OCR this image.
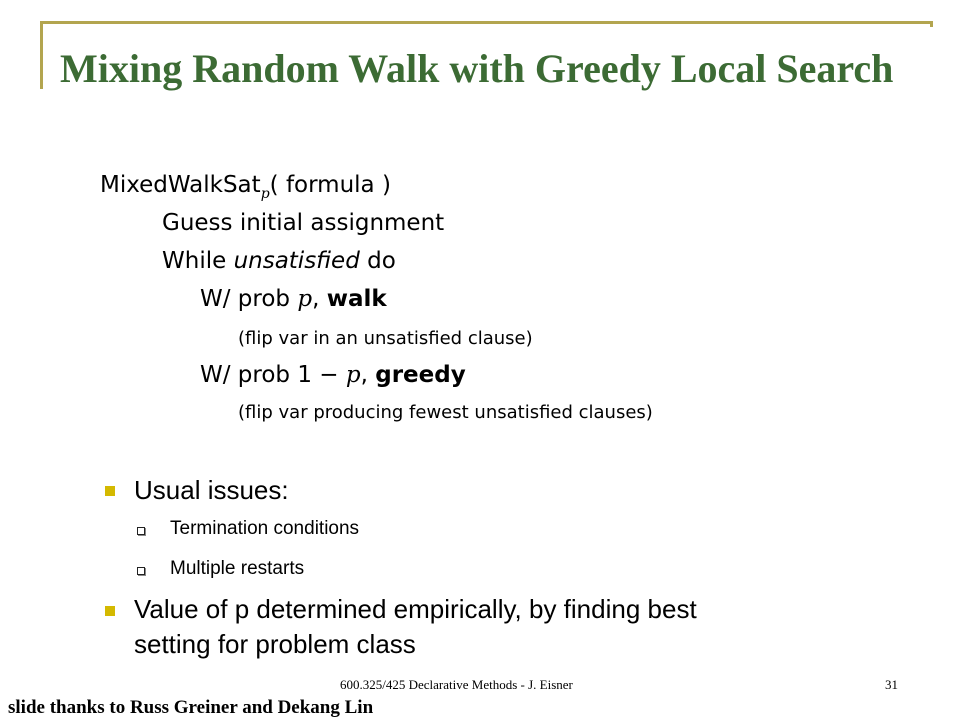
Mixing Random Walk with Greedy Local Search
MixedWalkSat$_p$( formula )
Guess initial assignment
While unsatisfied do
W/ prob p, walk
(flip var in an unsatisfied clause)
W/ prob 1 − p, greedy
(flip var producing fewest unsatisfied clauses)
Usual issues:
Termination conditions
Multiple restarts
Value of p determined empirically, by finding best
setting for problem class
600.325/425 Declarative Methods - J. Eisner	31
slide thanks to Russ Greiner and Dekang Lin
